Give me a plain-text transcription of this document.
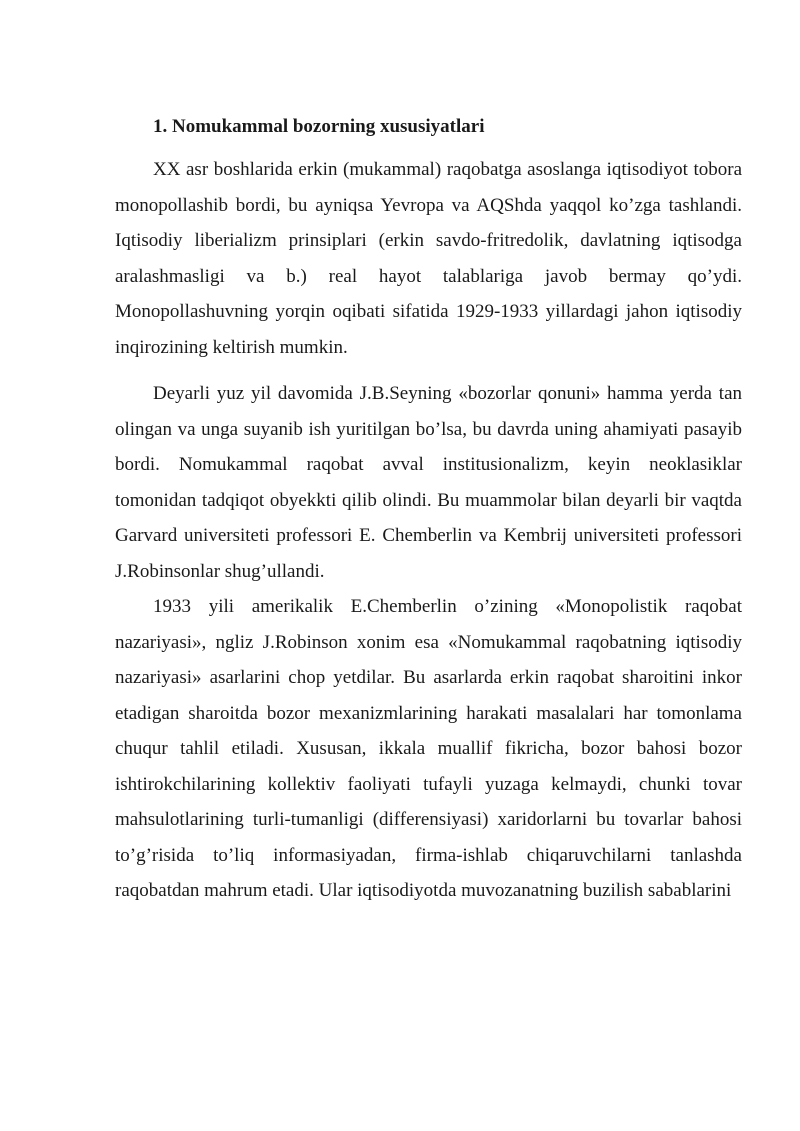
1. Nomukammal bozorning xususiyatlari

XX asr boshlarida erkin (mukammal) raqobatga asoslanga iqtisodiyot tobora monopollashib bordi, bu ayniqsa Yevropa va AQShda yaqqol ko’zga tashlandi. Iqtisodiy liberializm prinsiplari (erkin savdo-fritredolik, davlatning iqtisodga aralashmasligi va b.) real hayot talablariga javob bermay qo’ydi. Monopollashuvning yorqin oqibati sifatida 1929-1933 yillardagi jahon iqtisodiy inqirozining keltirish mumkin.

Deyarli yuz yil davomida J.B.Seyning «bozorlar qonuni» hamma yerda tan olingan va unga suyanib ish yuritilgan bo’lsa, bu davrda uning ahamiyati pasayib bordi. Nomukammal raqobat avval institusionalizm, keyin neoklasiklar tomonidan tadqiqot obyekkti qilib olindi. Bu muammolar bilan deyarli bir vaqtda Garvard universiteti professori E. Chemberlin va Kembrij universiteti professori J.Robinsonlar shug’ullandi.

1933 yili amerikalik E.Chemberlin o’zining «Monopolistik raqobat nazariyasi», ngliz J.Robinson xonim esa «Nomukammal raqobatning iqtisodiy nazariyasi» asarlarini chop yetdilar. Bu asarlarda erkin raqobat sharoitini inkor etadigan sharoitda bozor mexanizmlarining harakati masalalari har tomonlama chuqur tahlil etiladi. Xususan, ikkala muallif fikricha, bozor bahosi bozor ishtirokchilarining kollektiv faoliyati tufayli yuzaga kelmaydi, chunki tovar mahsulotlarining turli-tumanligi (differensiyasi) xaridorlarni bu tovarlar bahosi to’g’risida to’liq informasiyadan, firma-ishlab chiqaruvchilarni tanlashda raqobatdan mahrum etadi. Ular iqtisodiyotda muvozanatning buzilish sabablarini
